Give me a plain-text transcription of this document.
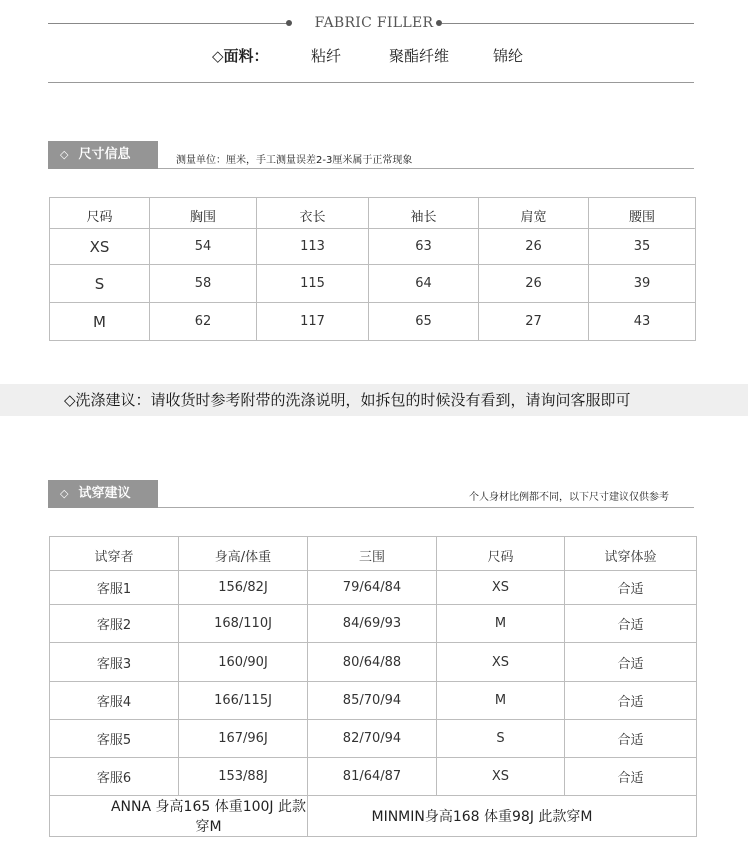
FABRIC FILLER
◇面料：	粘纤	聚酯纤维	锦纶
◇ 尺寸信息	测量单位：厘米，手工测量误差2-3厘米属于正常现象
尺码	胸围	衣长	袖长	肩宽	腰围
XS	54	113	63	26	35
S	58	115	64	26	39
M	62	117	65	27	43
◇洗涤建议：请收货时参考附带的洗涤说明，如拆包的时候没有看到，请询问客服即可
◇ 试穿建议	个人身材比例都不同，以下尺寸建议仅供参考
试穿者	身高/体重	三围	尺码	试穿体验
客服1	156/82J	79/64/84	XS	合适
客服2	168/110J	84/69/93	M	合适
客服3	160/90J	80/64/88	XS	合适
客服4	166/115J	85/70/94	M	合适
客服5	167/96J	82/70/94	S	合适
客服6	153/88J	81/64/87	XS	合适
ANNA 身高165 体重100J 此款穿M		MINMIN身高168 体重98J 此款穿M		
